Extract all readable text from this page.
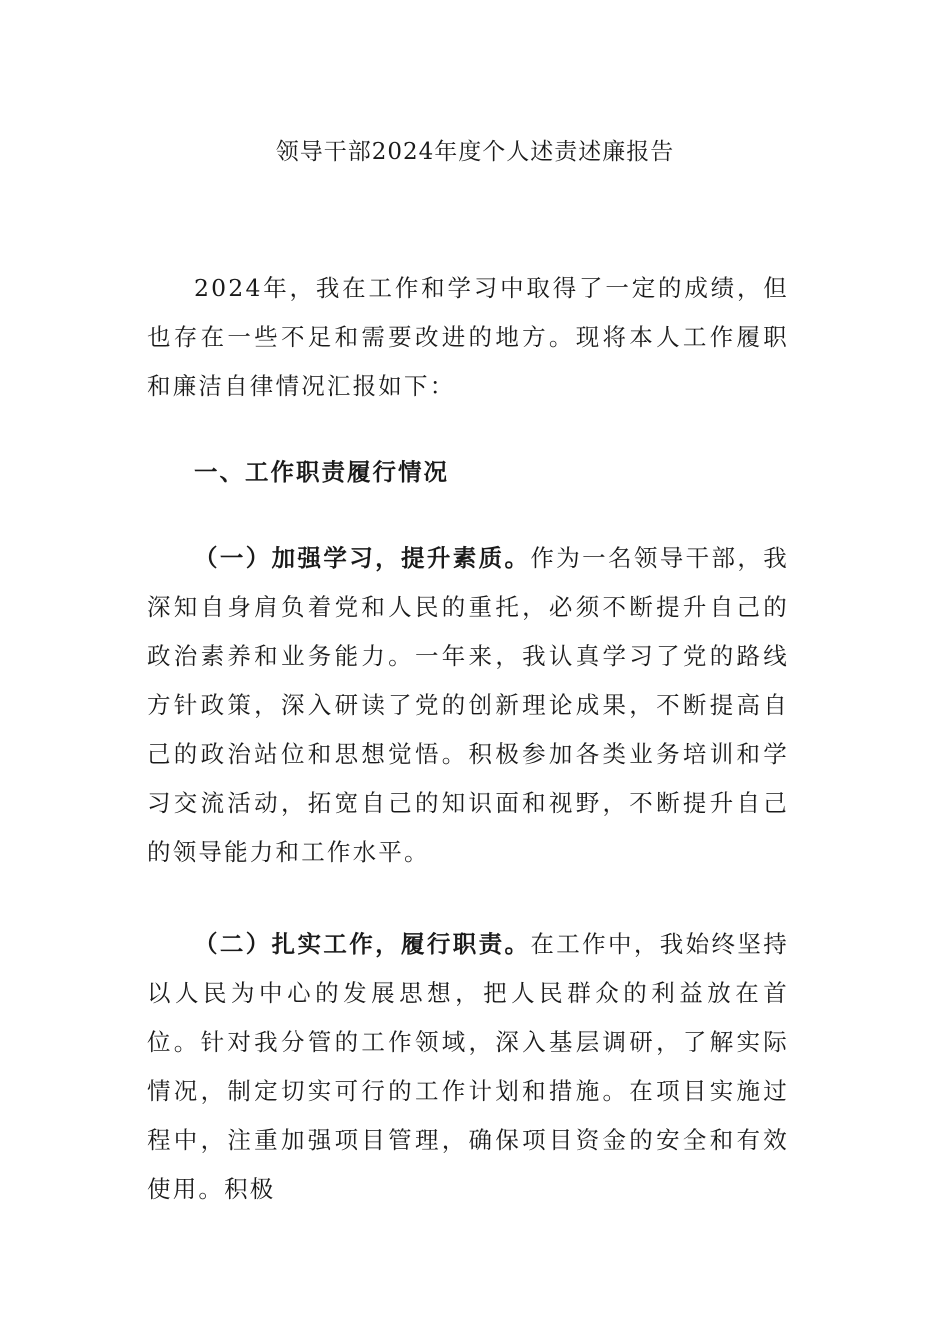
领导干部2024年度个人述责述廉报告

2024年，我在工作和学习中取得了一定的成绩，但也存在一些不足和需要改进的地方。现将本人工作履职和廉洁自律情况汇报如下：

一、工作职责履行情况

（一）加强学习，提升素质。作为一名领导干部，我深知自身肩负着党和人民的重托，必须不断提升自己的政治素养和业务能力。一年来，我认真学习了党的路线方针政策，深入研读了党的创新理论成果，不断提高自己的政治站位和思想觉悟。积极参加各类业务培训和学习交流活动，拓宽自己的知识面和视野，不断提升自己的领导能力和工作水平。

（二）扎实工作，履行职责。在工作中，我始终坚持以人民为中心的发展思想，把人民群众的利益放在首位。针对我分管的工作领域，深入基层调研，了解实际情况，制定切实可行的工作计划和措施。在项目实施过程中，注重加强项目管理，确保项目资金的安全和有效使用。积极
